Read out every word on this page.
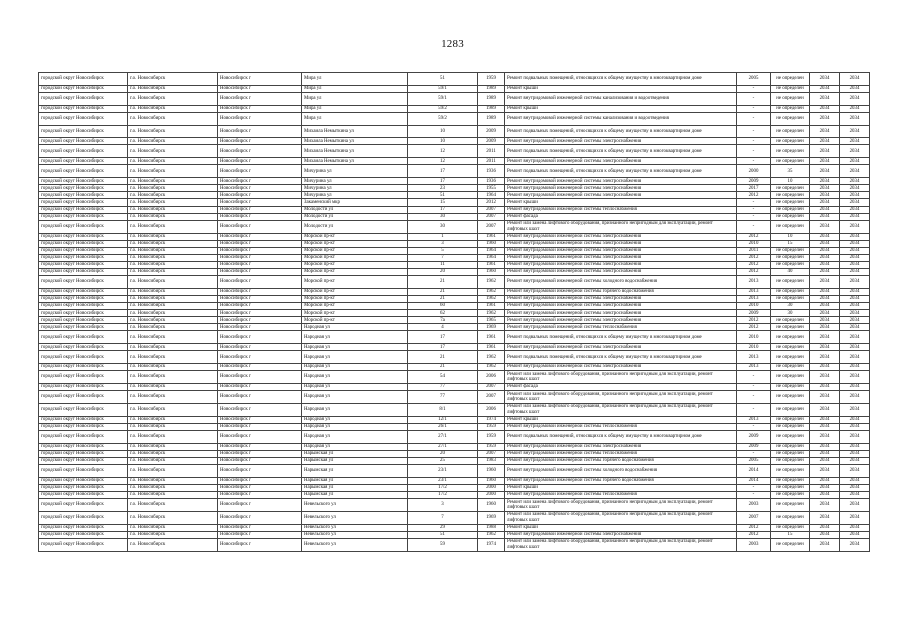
1283
городской округ Новосибирск	г.о. Новосибирск	Новосибирск г	Мира ул	51	1959	Ремонт подвальных помещений, относящихся к общему имуществу в многоквартирном доме	2005	не определен	2034	2034
городской округ Новосибирск	г.о. Новосибирск	Новосибирск г	Мира ул	59/1	1989	Ремонт крыши	-	не определен	2034	2034
городской округ Новосибирск	г.о. Новосибирск	Новосибирск г	Мира ул	59/1	1989	Ремонт внутридомовой инженерной системы канализования и водоотведения	-	не определен	2034	2034
городской округ Новосибирск	г.о. Новосибирск	Новосибирск г	Мира ул	59/2	1989	Ремонт крыши	-	не определен	2034	2034
городской округ Новосибирск	г.о. Новосибирск	Новосибирск г	Мира ул	59/2	1989	Ремонт внутридомовой инженерной системы канализования и водоотведения	-	не определен	2034	2034
городской округ Новосибирск	г.о. Новосибирск	Новосибирск г	Михаила Немыткина ул	10	2009	Ремонт подвальных помещений, относящихся к общему имуществу в многоквартирном доме	-	не определен	2034	2034
городской округ Новосибирск	г.о. Новосибирск	Новосибирск г	Михаила Немыткина ул	10	2009	Ремонт внутридомовой инженерной системы электроснабжения	-	не определен	2034	2034
городской округ Новосибирск	г.о. Новосибирск	Новосибирск г	Михаила Немыткина ул	12	2011	Ремонт подвальных помещений, относящихся к общему имуществу в многоквартирном доме	-	не определен	2034	2034
городской округ Новосибирск	г.о. Новосибирск	Новосибирск г	Михаила Немыткина ул	12	2011	Ремонт внутридомовой инженерной системы электроснабжения	-	не определен	2034	2034
городской округ Новосибирск	г.о. Новосибирск	Новосибирск г	Мичурина ул	17	1936	Ремонт подвальных помещений, относящихся к общему имуществу в многоквартирном доме	2000	35	2034	2034
городской округ Новосибирск	г.о. Новосибирск	Новосибирск г	Мичурина ул	17	1936	Ремонт внутридомовой инженерной системы электроснабжения	2009	10	2034	2034
городской округ Новосибирск	г.о. Новосибирск	Новосибирск г	Мичурина ул	23	1955	Ремонт внутридомовой инженерной системы электроснабжения	2017	не определен	2034	2034
городской округ Новосибирск	г.о. Новосибирск	Новосибирск г	Мичурина ул	51	1964	Ремонт внутридомовой инженерной системы электроснабжения	2012	не определен	2034	2034
городской округ Новосибирск	г.о. Новосибирск	Новосибирск г	Закаменский мкр	15	2012	Ремонт крыши	-	не определен	2034	2034
городской округ Новосибирск	г.о. Новосибирск	Новосибирск г	Молодости ул	17	2007	Ремонт внутридомовой инженерной системы теплоснабжения	-	не определен	2034	2034
городской округ Новосибирск	г.о. Новосибирск	Новосибирск г	Молодости ул	30	2007	Ремонт фасада	-	не определен	2034	2034
городской округ Новосибирск	г.о. Новосибирск	Новосибирск г	Молодости ул	30	2007	Ремонт или замена лифтового оборудования, признанного непригодным для эксплуатации, ремонт лифтовых шахт	-	не определен	2034	2034
городской округ Новосибирск	г.о. Новосибирск	Новосибирск г	Морской пр-кт	1	1961	Ремонт внутридомовой инженерной системы электроснабжения	2012	10	2034	2034
городской округ Новосибирск	г.о. Новосибирск	Новосибирск г	Морской пр-кт	3	1960	Ремонт внутридомовой инженерной системы электроснабжения	2010	15	2034	2034
городской округ Новосибирск	г.о. Новосибирск	Новосибирск г	Морской пр-кт	5	1964	Ремонт внутридомовой инженерной системы электроснабжения	2011	не определен	2034	2034
городской округ Новосибирск	г.о. Новосибирск	Новосибирск г	Морской пр-кт	7	1964	Ремонт внутридомовой инженерной системы электроснабжения	2012	не определен	2034	2034
городской округ Новосибирск	г.о. Новосибирск	Новосибирск г	Морской пр-кт	11	1961	Ремонт внутридомовой инженерной системы электроснабжения	2012	не определен	2034	2034
городской округ Новосибирск	г.о. Новосибирск	Новосибирск г	Морской пр-кт	20	1960	Ремонт внутридомовой инженерной системы электроснабжения	2012	40	2034	2034
городской округ Новосибирск	г.о. Новосибирск	Новосибирск г	Морской пр-кт	21	1962	Ремонт внутридомовой инженерной системы холодного водоснабжения	2013	не определен	2034	2034
городской округ Новосибирск	г.о. Новосибирск	Новосибирск г	Морской пр-кт	21	1962	Ремонт внутридомовой инженерной системы горячего водоснабжения	2013	не определен	2034	2034
городской округ Новосибирск	г.о. Новосибирск	Новосибирск г	Морской пр-кт	21	1962	Ремонт внутридомовой инженерной системы электроснабжения	2013	не определен	2034	2034
городской округ Новосибирск	г.о. Новосибирск	Новосибирск г	Морской пр-кт	60	1961	Ремонт внутридомовой инженерной системы электроснабжения	2010	30	2034	2034
городской округ Новосибирск	г.о. Новосибирск	Новосибирск г	Морской пр-кт	62	1962	Ремонт внутридомовой инженерной системы электроснабжения	2009	30	2034	2034
городской округ Новосибирск	г.о. Новосибирск	Новосибирск г	Морской пр-кт	7а	1965	Ремонт внутридомовой инженерной системы электроснабжения	2012	не определен	2034	2034
городской округ Новосибирск	г.о. Новосибирск	Новосибирск г	Народная ул	4	1969	Ремонт внутридомовой инженерной системы теплоснабжения	2012	не определен	2034	2034
городской округ Новосибирск	г.о. Новосибирск	Новосибирск г	Народная ул	17	1961	Ремонт подвальных помещений, относящихся к общему имуществу в многоквартирном доме	2010	не определен	2034	2034
городской округ Новосибирск	г.о. Новосибирск	Новосибирск г	Народная ул	17	1961	Ремонт внутридомовой инженерной системы электроснабжения	2010	не определен	2034	2034
городской округ Новосибирск	г.о. Новосибирск	Новосибирск г	Народная ул	21	1962	Ремонт подвальных помещений, относящихся к общему имуществу в многоквартирном доме	2013	не определен	2034	2034
городской округ Новосибирск	г.о. Новосибирск	Новосибирск г	Народная ул	21	1962	Ремонт внутридомовой инженерной системы электроснабжения	2013	не определен	2034	2034
городской округ Новосибирск	г.о. Новосибирск	Новосибирск г	Народная ул	54	2006	Ремонт или замена лифтового оборудования, признанного непригодным для эксплуатации, ремонт лифтовых шахт	-	не определен	2034	2034
городской округ Новосибирск	г.о. Новосибирск	Новосибирск г	Народная ул	77	2007	Ремонт фасада	-	не определен	2034	2034
городской округ Новосибирск	г.о. Новосибирск	Новосибирск г	Народная ул	77	2007	Ремонт или замена лифтового оборудования, признанного непригодным для эксплуатации, ремонт лифтовых шахт	-	не определен	2034	2034
городской округ Новосибирск	г.о. Новосибирск	Новосибирск г	Народная ул	8/1	2006	Ремонт или замена лифтового оборудования, признанного непригодным для эксплуатации, ремонт лифтовых шахт	-	не определен	2034	2034
городской округ Новосибирск	г.о. Новосибирск	Новосибирск г	Народная ул	12/1	1974	Ремонт крыши	2013	не определен	2034	2034
городской округ Новосибирск	г.о. Новосибирск	Новосибирск г	Народная ул	26/1	1959	Ремонт внутридомовой инженерной системы теплоснабжения	-	не определен	2034	2034
городской округ Новосибирск	г.о. Новосибирск	Новосибирск г	Народная ул	27/1	1959	Ремонт подвальных помещений, относящихся к общему имуществу в многоквартирном доме	2009	не определен	2034	2034
городской округ Новосибирск	г.о. Новосибирск	Новосибирск г	Народная ул	27/1	1959	Ремонт внутридомовой инженерной системы электроснабжения	2009	не определен	2034	2034
городской округ Новосибирск	г.о. Новосибирск	Новосибирск г	Нарымская ул	20	2007	Ремонт внутридомовой инженерной системы теплоснабжения	-	не определен	2034	2034
городской округ Новосибирск	г.о. Новосибирск	Новосибирск г	Нарымская ул	25	1983	Ремонт внутридомовой инженерной системы горячего водоснабжения	2005	не определен	2034	2034
городской округ Новосибирск	г.о. Новосибирск	Новосибирск г	Нарымская ул	23/1	1960	Ремонт внутридомовой инженерной системы холодного водоснабжения	2014	не определен	2034	2034
городской округ Новосибирск	г.о. Новосибирск	Новосибирск г	Нарымская ул	23/1	1960	Ремонт внутридомовой инженерной системы горячего водоснабжения	2014	не определен	2034	2034
городской округ Новосибирск	г.о. Новосибирск	Новосибирск г	Нарымская ул	17/2	2000	Ремонт крыши	-	не определен	2034	2034
городской округ Новосибирск	г.о. Новосибирск	Новосибирск г	Нарымская ул	17/2	2000	Ремонт внутридомовой инженерной системы теплоснабжения	-	не определен	2034	2034
городской округ Новосибирск	г.о. Новосибирск	Новосибирск г	Невельского ул	3	1960	Ремонт или замена лифтового оборудования, признанного непригодным для эксплуатации, ремонт лифтовых шахт	2003	не определен	2034	2034
городской округ Новосибирск	г.о. Новосибирск	Новосибирск г	Невельского ул	7	1969	Ремонт или замена лифтового оборудования, признанного непригодным для эксплуатации, ремонт лифтовых шахт	2007	не определен	2034	2034
городской округ Новосибирск	г.о. Новосибирск	Новосибирск г	Невельского ул	29	1988	Ремонт крыши	2012	не определен	2034	2034
городской округ Новосибирск	г.о. Новосибирск	Новосибирск г	Невельского ул	51	1962	Ремонт внутридомовой инженерной системы электроснабжения	2012	15	2034	2034
городской округ Новосибирск	г.о. Новосибирск	Новосибирск г	Невельского ул	59	1974	Ремонт или замена лифтового оборудования, признанного непригодным для эксплуатации, ремонт лифтовых шахт	2003	не определен	2034	2034
